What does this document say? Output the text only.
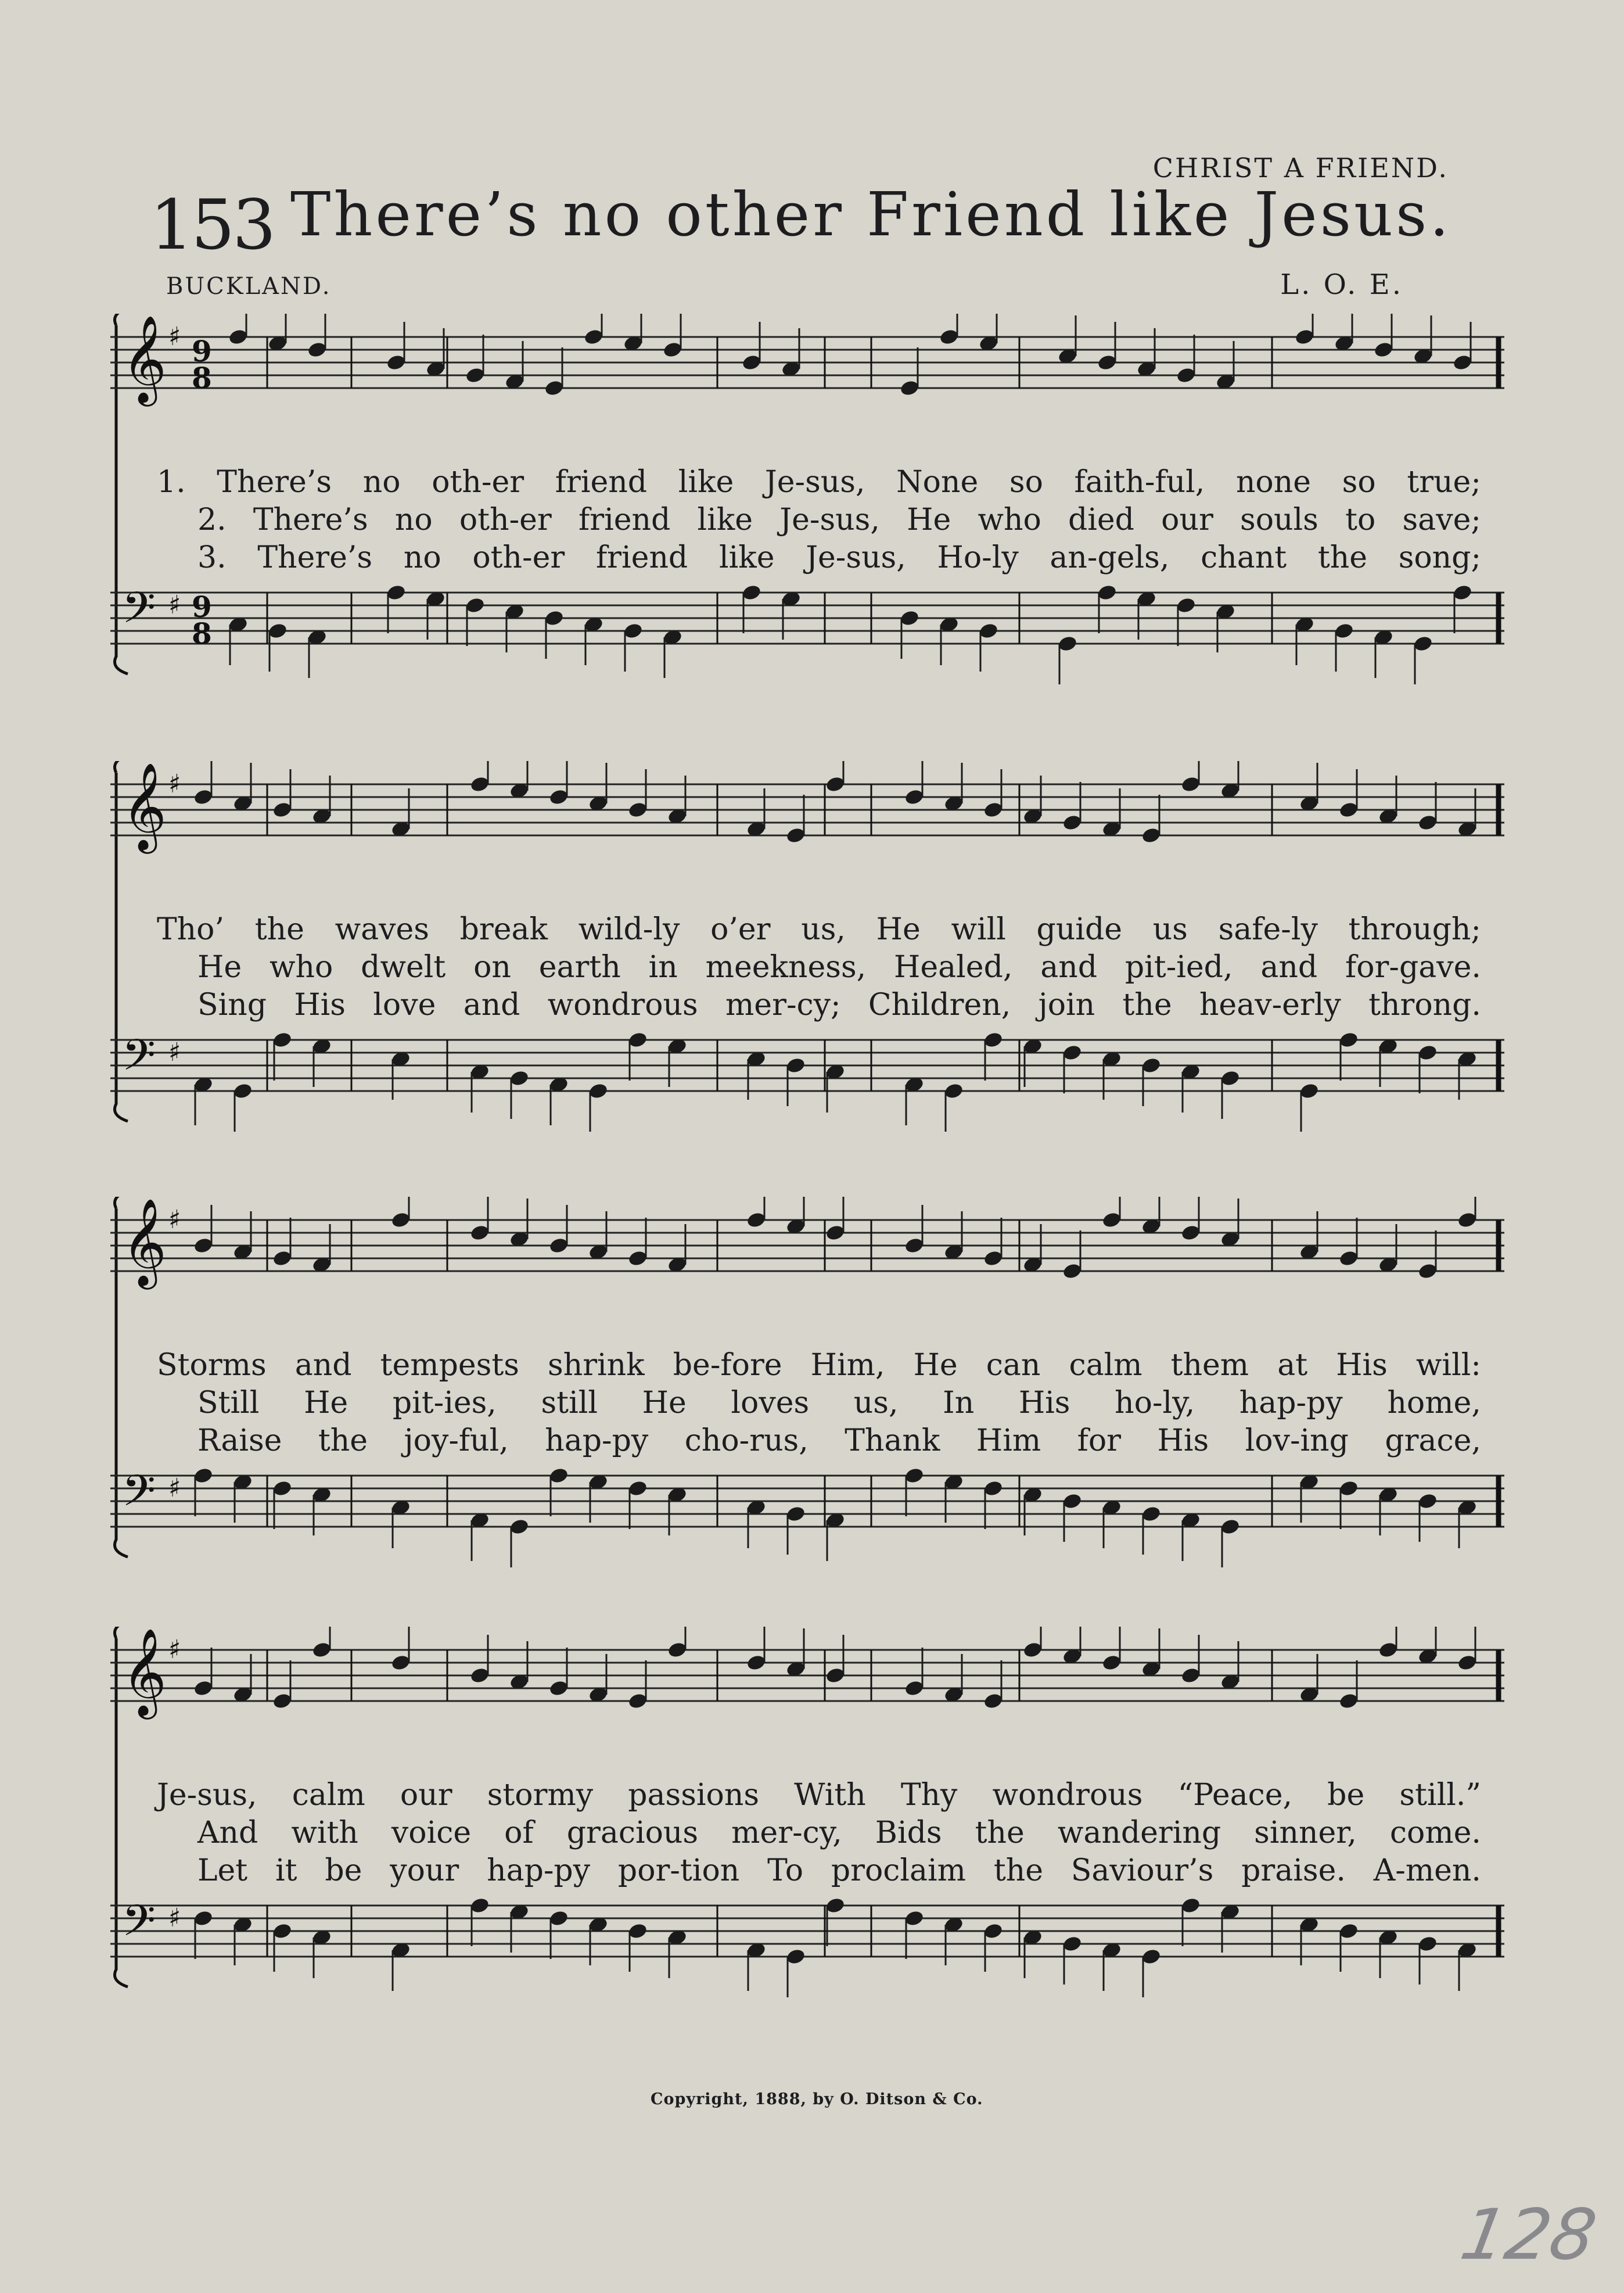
CHRIST A FRIEND.
153 There’s no other Friend like Jesus.
BUCKLAND.	L. O. E.
𝄞 ♯ 9
8
𝄢 ♯ 9
8
1. There’s no oth-er friend like Je-sus, None so faith-ful, none so true;
2. There’s no oth-er friend like Je-sus, He who died our souls to save;
3. There’s no oth-er friend like Je-sus, Ho-ly an-gels, chant the song;
𝄞 ♯
𝄢 ♯
Tho’ the waves break wild-ly o’er us, He will guide us safe-ly through;
He who dwelt on earth in meekness, Healed, and pit-ied, and for-gave.
Sing His love and wondrous mer-cy; Children, join the heav-erly throng.
𝄞 ♯
𝄢 ♯
Storms and tempests shrink be-fore Him, He can calm them at His will:
Still He pit-ies, still He loves us, In His ho-ly, hap-py home,
Raise the joy-ful, hap-py cho-rus, Thank Him for His lov-ing grace,
𝄞 ♯
𝄢 ♯
Je-sus, calm our stormy passions With Thy wondrous “Peace, be still.”
And with voice of gracious mer-cy, Bids the wandering sinner, come.
Let it be your hap-py por-tion To proclaim the Saviour’s praise. A-men.
Copyright, 1888, by O. Ditson & Co.
128
